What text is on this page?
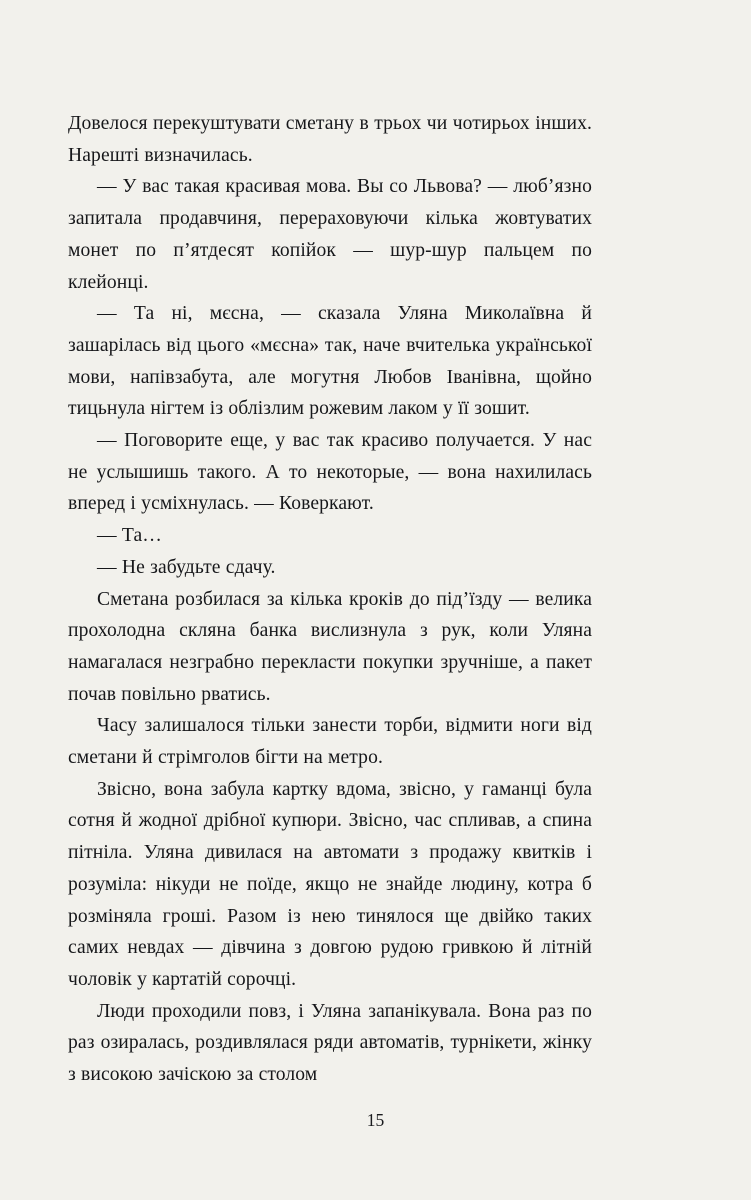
Довелося перекуштувати сметану в трьох чи чотирьох інших. Нарешті визначилась.

— У вас такая красивая мова. Вы со Львова? — люб’язно запитала продавчиня, перераховуючи кілька жовтуватих монет по п’ятдесят копійок — шур-шур пальцем по клейонці.

— Та ні, мєсна, — сказала Уляна Миколаївна й зашарілась від цього «мєсна» так, наче вчителька української мови, напівзабута, але могутня Любов Іванівна, щойно тицьнула нігтем із облізлим рожевим лаком у її зошит.

— Поговорите еще, у вас так красиво получается. У нас не услышишь такого. А то некоторые, — вона нахилилась вперед і усміхнулась. — Коверкают.

— Та…

— Не забудьте сдачу.

Сметана розбилася за кілька кроків до під’їзду — велика прохолодна скляна банка вислизнула з рук, коли Уляна намагалася незграбно перекласти покупки зручніше, а пакет почав повільно рватись.

Часу залишалося тільки занести торби, відмити ноги від сметани й стрімголов бігти на метро.

Звісно, вона забула картку вдома, звісно, у гаманці була сотня й жодної дрібної купюри. Звісно, час спливав, а спина пітніла. Уляна дивилася на автомати з продажу квитків і розуміла: нікуди не поїде, якщо не знайде людину, котра б розміняла гроші. Разом із нею тинялося ще двійко таких самих невдах — дівчина з довгою рудою гривкою й літній чоловік у картатій сорочці.

Люди проходили повз, і Уляна запанікувала. Вона раз по раз озиралась, роздивлялася ряди автоматів, турнікети, жінку з високою зачіскою за столом

15
